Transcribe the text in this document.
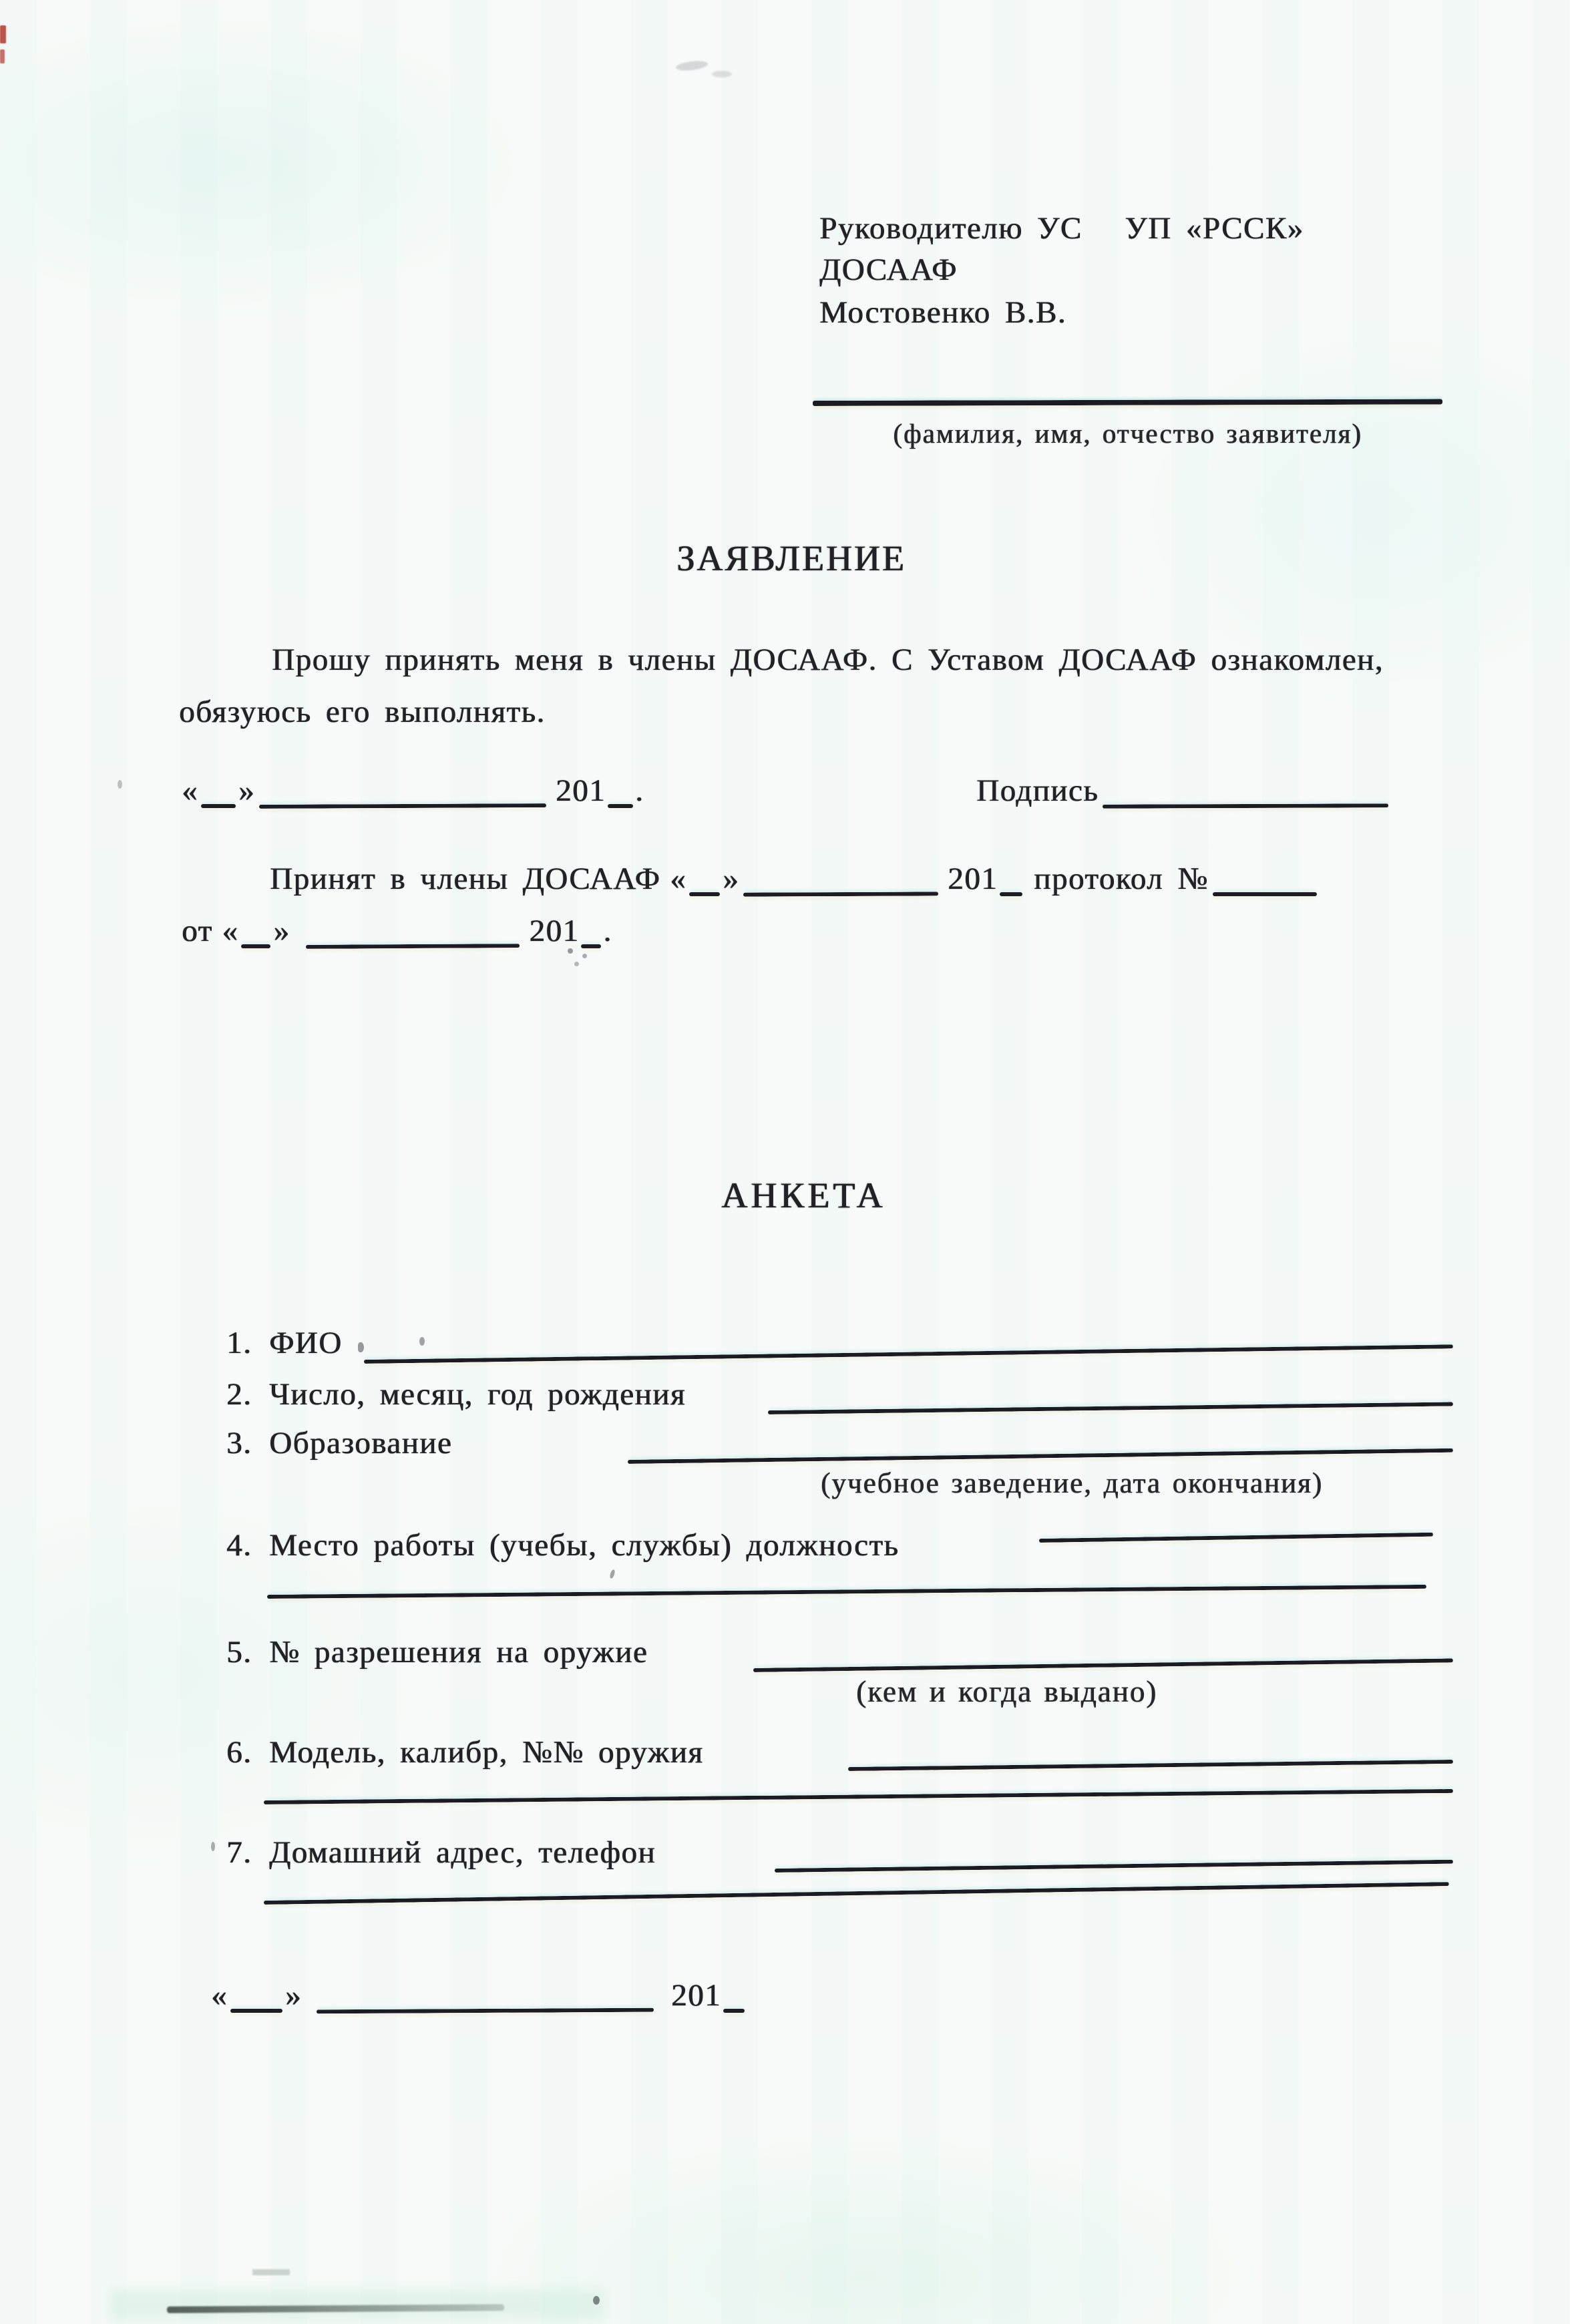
Руководителю УС   УП «РССК»
ДОСААФ
Мостовенко В.В.
(фамилия, имя, отчество заявителя)
ЗАЯВЛЕНИЕ
Прошу принять меня в члены ДОСААФ. С Уставом ДОСААФ ознакомлен,
обязуюсь его выполнять.
« »	201 .	Подпись
Принят в члены ДОСААФ « »	201 протокол №
от « »	201 .
АНКЕТА
1. ФИО
2. Число, месяц, год рождения
3. Образование
(учебное заведение, дата окончания)
4. Место работы (учебы, службы) должность
5. № разрешения на оружие
(кем и когда выдано)
6. Модель, калибр, №№ оружия
7. Домашний адрес, телефон
« »	201
